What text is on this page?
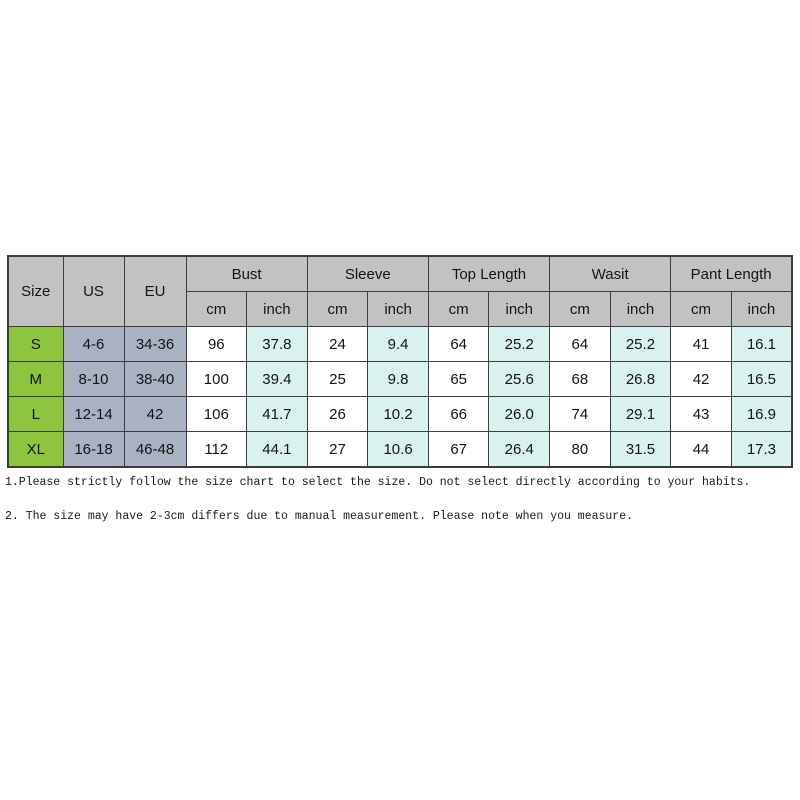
Size	US	EU	Bust		Sleeve		Top Length		Wasit		Pant Length	
			cm	inch	cm	inch	cm	inch	cm	inch	cm	inch
S	4-6	34-36	96	37.8	24	9.4	64	25.2	64	25.2	41	16.1
M	8-10	38-40	100	39.4	25	9.8	65	25.6	68	26.8	42	16.5
L	12-14	42	106	41.7	26	10.2	66	26.0	74	29.1	43	16.9
XL	16-18	46-48	112	44.1	27	10.6	67	26.4	80	31.5	44	17.3
1.Please strictly follow the size chart to select the size. Do not select directly according to your habits.
2. The size may have 2-3cm differs due to manual measurement. Please note when you measure.
